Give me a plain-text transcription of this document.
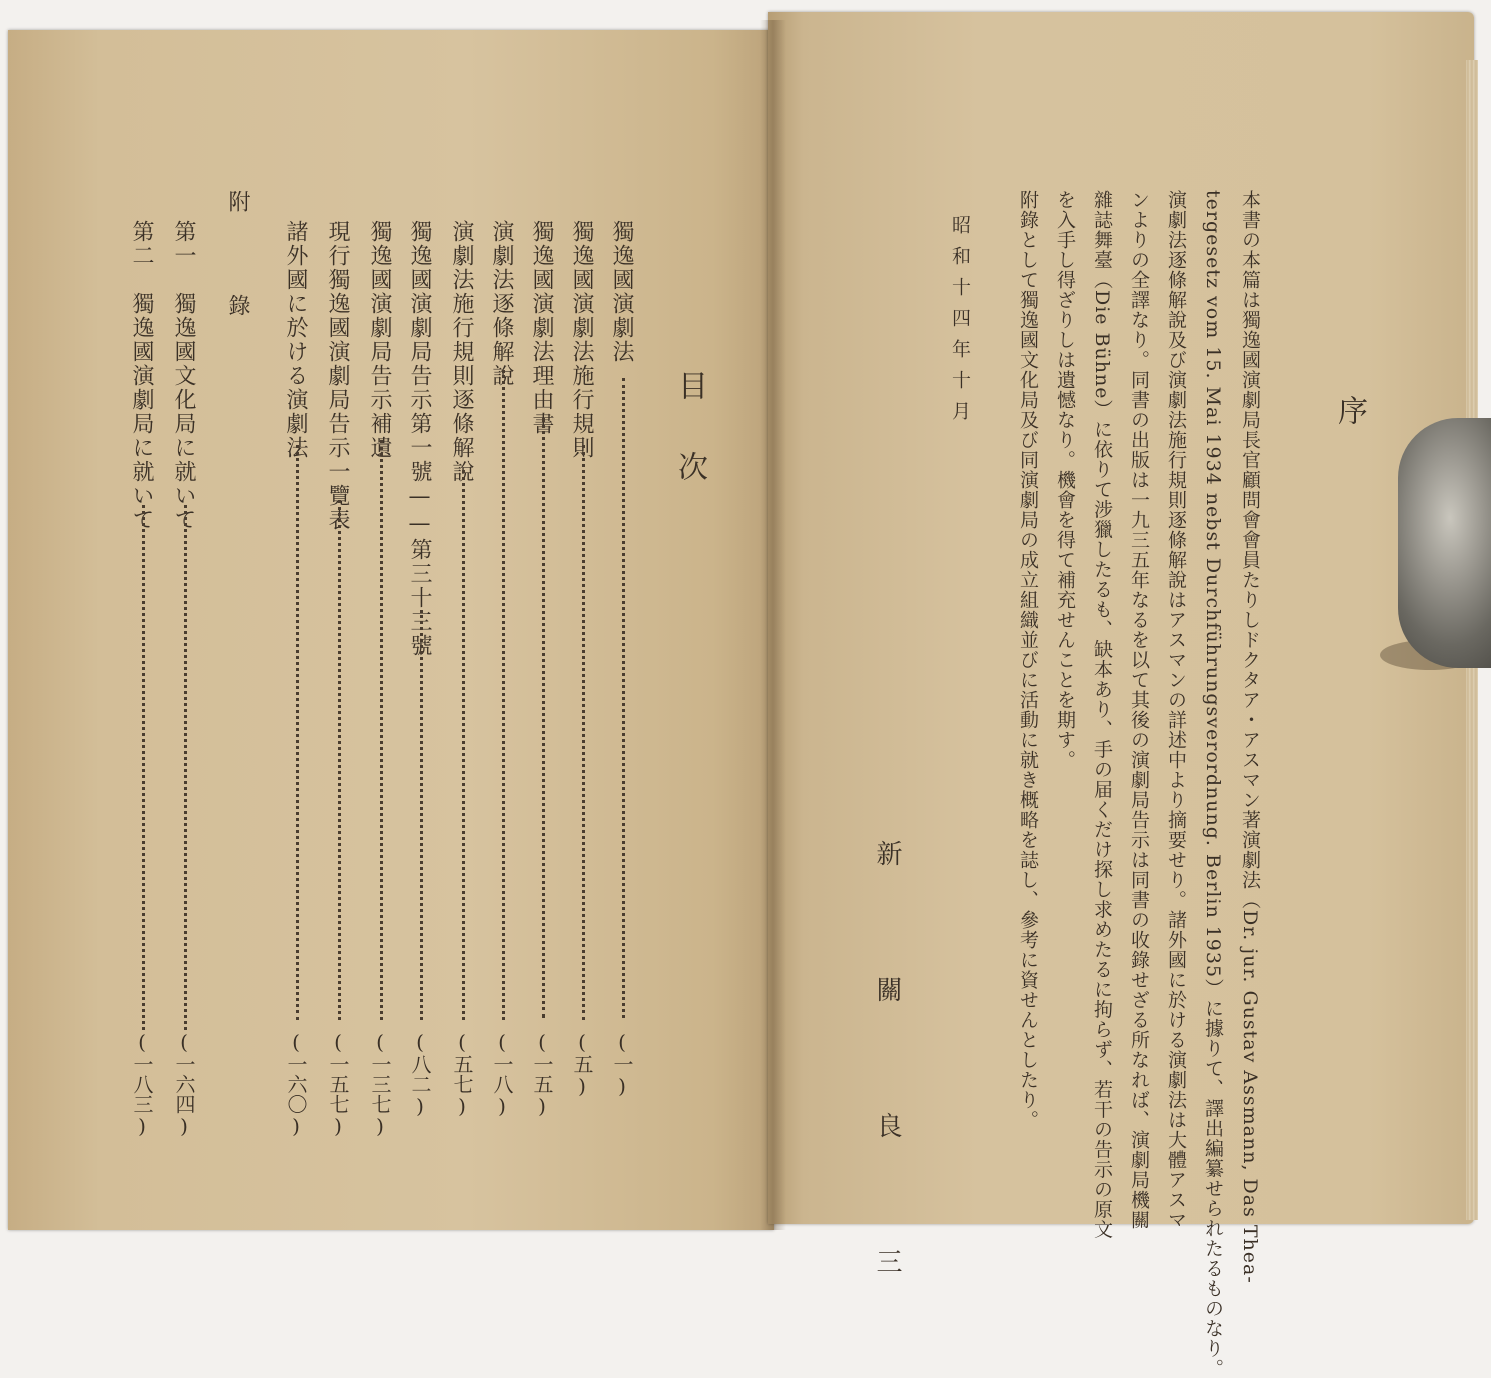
目 次
獨逸國演劇法
(一)
獨逸國演劇法施行規則
(五)
獨逸國演劇法理由書
(一五)
演劇法逐條解說
(一八)
演劇法施行規則逐條解說
(五七)
獨逸國演劇局告示第一號——第三十三號
(八二)
獨逸國演劇局告示補遺
(一三七)
現行獨逸國演劇局告示一覽表
(一五七)
諸外國に於ける演劇法
(一六〇)
附　錄
第一　獨逸國文化局に就いて
(一六四)
第二　獨逸國演劇局に就いて
(一八三)
序
本書の本篇は獨逸國演劇局長官顧問會會員たりしドクタア・アスマン著演劇法（Dr. jur. Gustav Assmann, Das Thea-
tergesetz vom 15. Mai 1934 nebst Durchführungsverordnung. Berlin 1935）に據りて、譯出編纂せられたるものなり。
演劇法逐條解說及び演劇法施行規則逐條解說はアスマンの詳述中より摘要せり。諸外國に於ける演劇法は大體アスマ
ンよりの全譯なり。同書の出版は一九三五年なるを以て其後の演劇局告示は同書の收錄せざる所なれば、演劇局機關
雜誌舞臺（Die Bühne）に依りて涉獵したるも、缺本あり、手の届くだけ探し求めたるに拘らず、若干の告示の原文
を入手し得ざりしは遺憾なり。機會を得て補充せんことを期す。
附錄として獨逸國文化局及び同演劇局の成立組織並びに活動に就き概略を誌し、參考に資せんとしたり。
昭和十四年十月
新 關 良 三
